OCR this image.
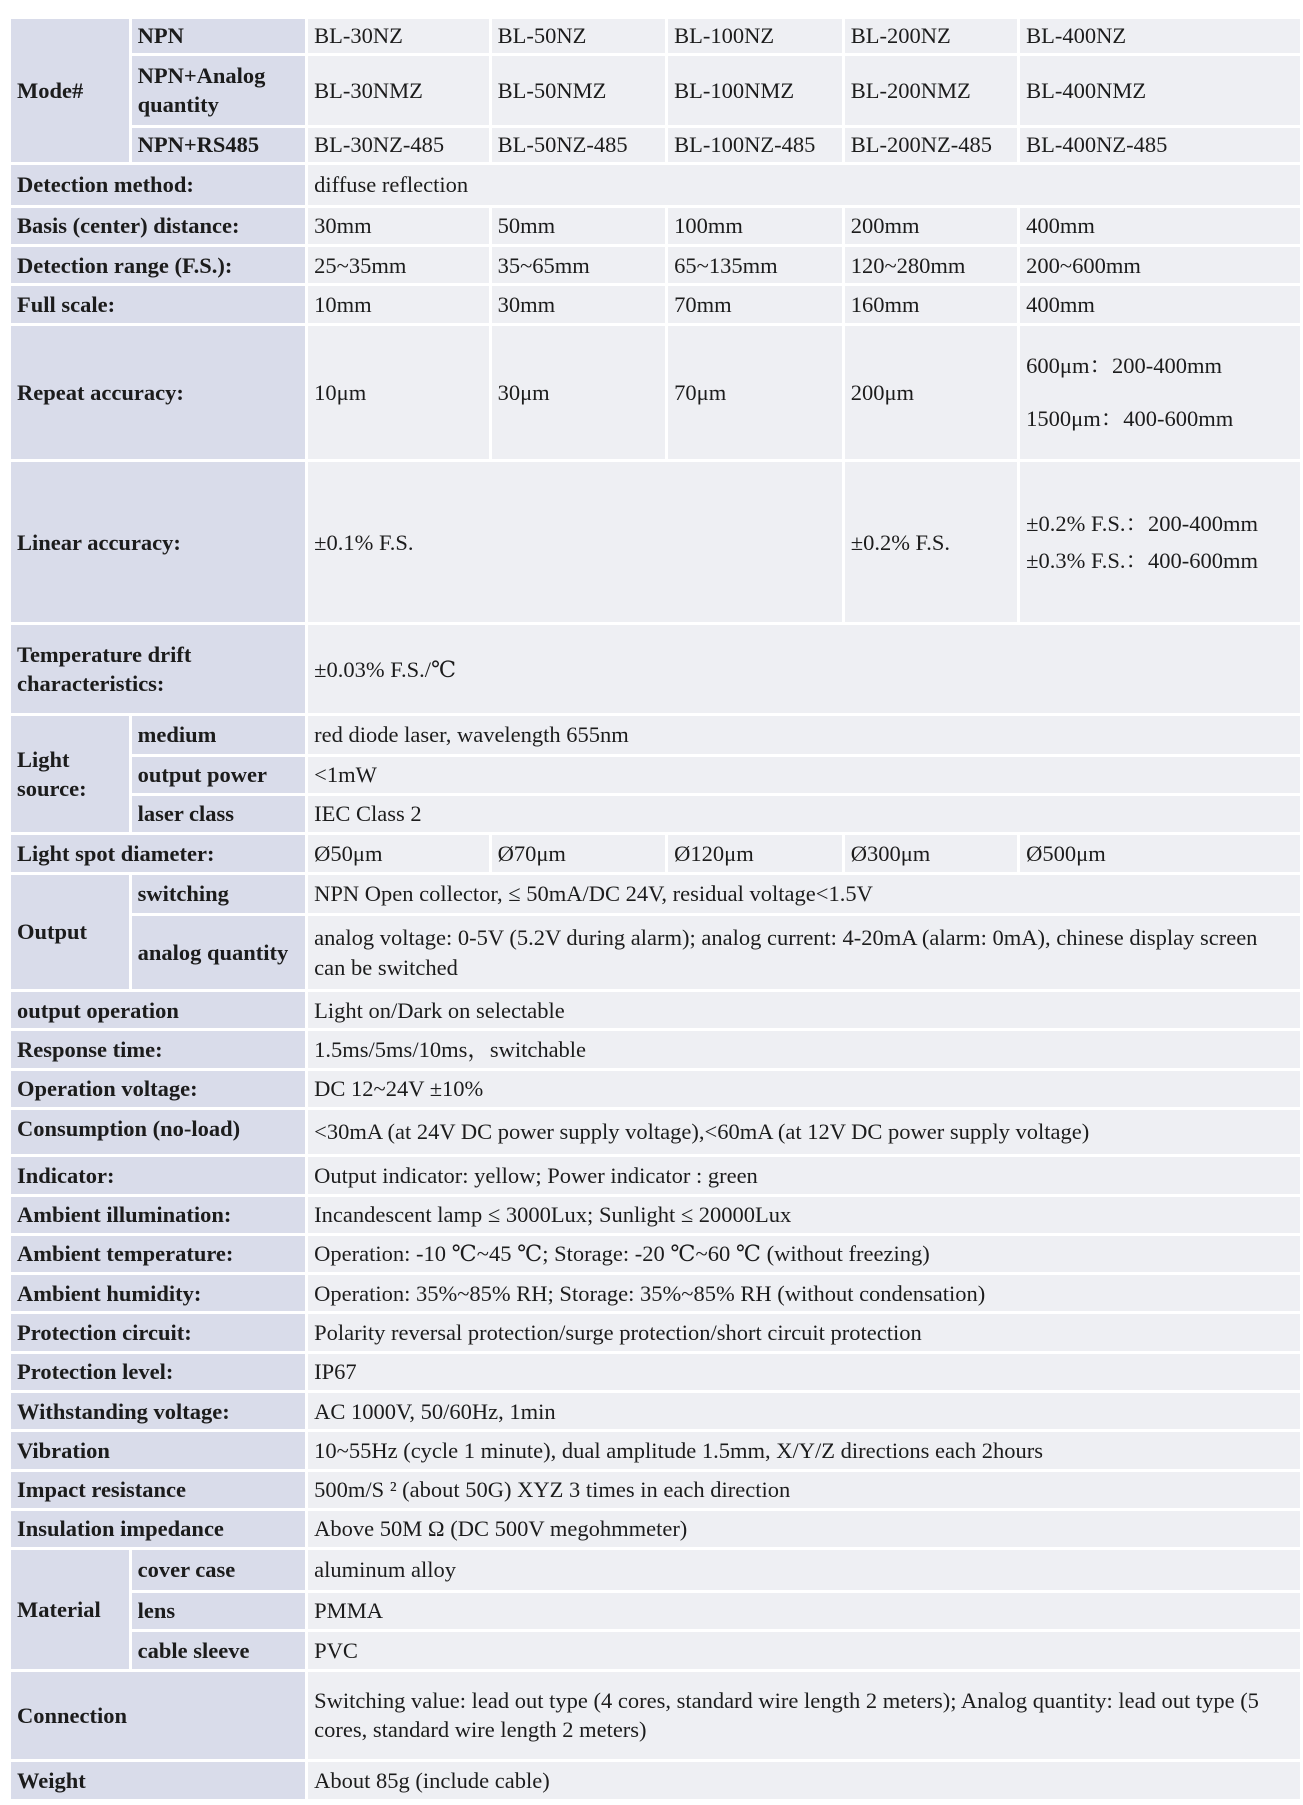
Mode#	NPN	BL-30NZ	BL-50NZ	BL-100NZ	BL-200NZ	BL-400NZ
	NPN+Analog quantity	BL-30NMZ	BL-50NMZ	BL-100NMZ	BL-200NMZ	BL-400NMZ
	NPN+RS485	BL-30NZ-485	BL-50NZ-485	BL-100NZ-485	BL-200NZ-485	BL-400NZ-485
Detection method:		diffuse reflection				
Basis (center) distance:		30mm	50mm	100mm	200mm	400mm
Detection range (F.S.):		25~35mm	35~65mm	65~135mm	120~280mm	200~600mm
Full scale:		10mm	30mm	70mm	160mm	400mm
Repeat accuracy:		10μm	30μm	70μm	200μm	600μm：200-400mm
1500μm：400-600mm

Linear accuracy:		±0.1% F.S.			±0.2% F.S.	±0.2% F.S.：200-400mm
±0.3% F.S.：400-600mm

Temperature drift characteristics:		±0.03% F.S./℃				
Light source:	medium	red diode laser, wavelength 655nm				
	output power	<1mW				
	laser class	IEC Class 2				
Light spot diameter:		Ø50μm	Ø70μm	Ø120μm	Ø300μm	Ø500μm
Output	switching	NPN Open collector, ≤ 50mA/DC 24V, residual voltage<1.5V				
	analog quantity	analog voltage: 0-5V (5.2V during alarm); analog current: 4-20mA (alarm: 0mA), chinese display screen can be switched				
output operation		Light on/Dark on selectable				
Response time:		1.5ms/5ms/10ms，switchable				
Operation voltage:		DC 12~24V ±10%				
Consumption (no-load)		<30mA (at 24V DC power supply voltage),<60mA (at 12V DC power supply voltage)				
Indicator:		Output indicator: yellow; Power indicator : green				
Ambient illumination:		Incandescent lamp ≤ 3000Lux; Sunlight ≤ 20000Lux				
Ambient temperature:		Operation: -10 ℃~45 ℃; Storage: -20 ℃~60 ℃ (without freezing)				
Ambient humidity:		Operation: 35%~85% RH; Storage: 35%~85% RH (without condensation)				
Protection circuit:		Polarity reversal protection/surge protection/short circuit protection				
Protection level:		IP67				
Withstanding voltage:		AC 1000V, 50/60Hz, 1min				
Vibration		10~55Hz (cycle 1 minute), dual amplitude 1.5mm, X/Y/Z directions each 2hours				
Impact resistance		500m/S ² (about 50G) XYZ 3 times in each direction				
Insulation impedance		Above 50M Ω (DC 500V megohmmeter)				
Material	cover case	aluminum alloy				
	lens	PMMA				
	cable sleeve	PVC				
Connection		Switching value: lead out type (4 cores, standard wire length 2 meters); Analog quantity: lead out type (5 cores, standard wire length 2 meters)				
Weight		About 85g (include cable)				
